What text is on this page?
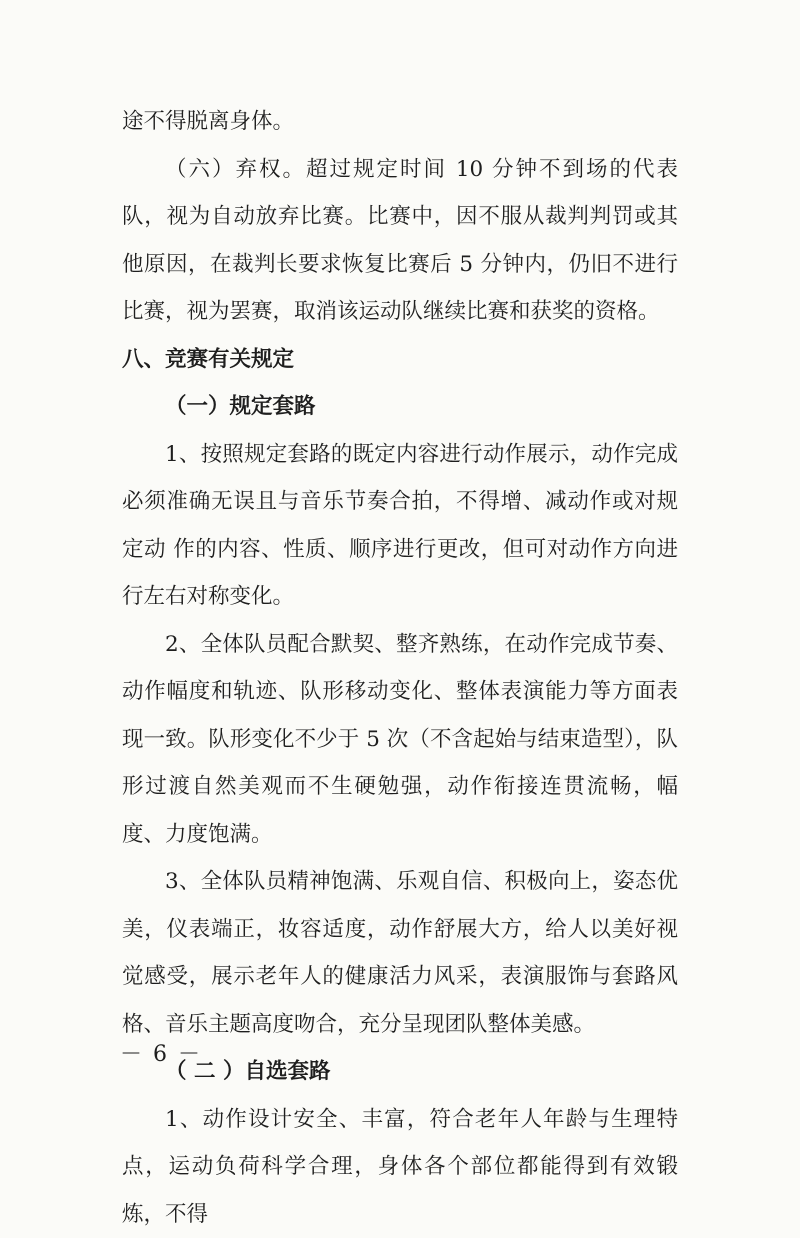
途不得脱离身体。

（六）弃权。超过规定时间 10 分钟不到场的代表队，视为自动放弃比赛。比赛中，因不服从裁判判罚或其他原因，在裁判长要求恢复比赛后 5 分钟内，仍旧不进行比赛，视为罢赛，取消该运动队继续比赛和获奖的资格。

八、竞赛有关规定

（一）规定套路

1、按照规定套路的既定内容进行动作展示，动作完成必须准确无误且与音乐节奏合拍，不得增、减动作或对规定动 作的内容、性质、顺序进行更改，但可对动作方向进行左右对称变化。

2、全体队员配合默契、整齐熟练，在动作完成节奏、动作幅度和轨迹、队形移动变化、整体表演能力等方面表现一致。队形变化不少于 5 次（不含起始与结束造型），队形过渡自然美观而不生硬勉强，动作衔接连贯流畅，幅度、力度饱满。

3、全体队员精神饱满、乐观自信、积极向上，姿态优美，仪表端正，妆容适度，动作舒展大方，给人以美好视觉感受，展示老年人的健康活力风采，表演服饰与套路风格、音乐主题高度吻合，充分呈现团队整体美感。

（ 二 ）自选套路

1、动作设计安全、丰富，符合老年人年龄与生理特点，运动负荷科学合理，身体各个部位都能得到有效锻炼，不得

－ 6 －
